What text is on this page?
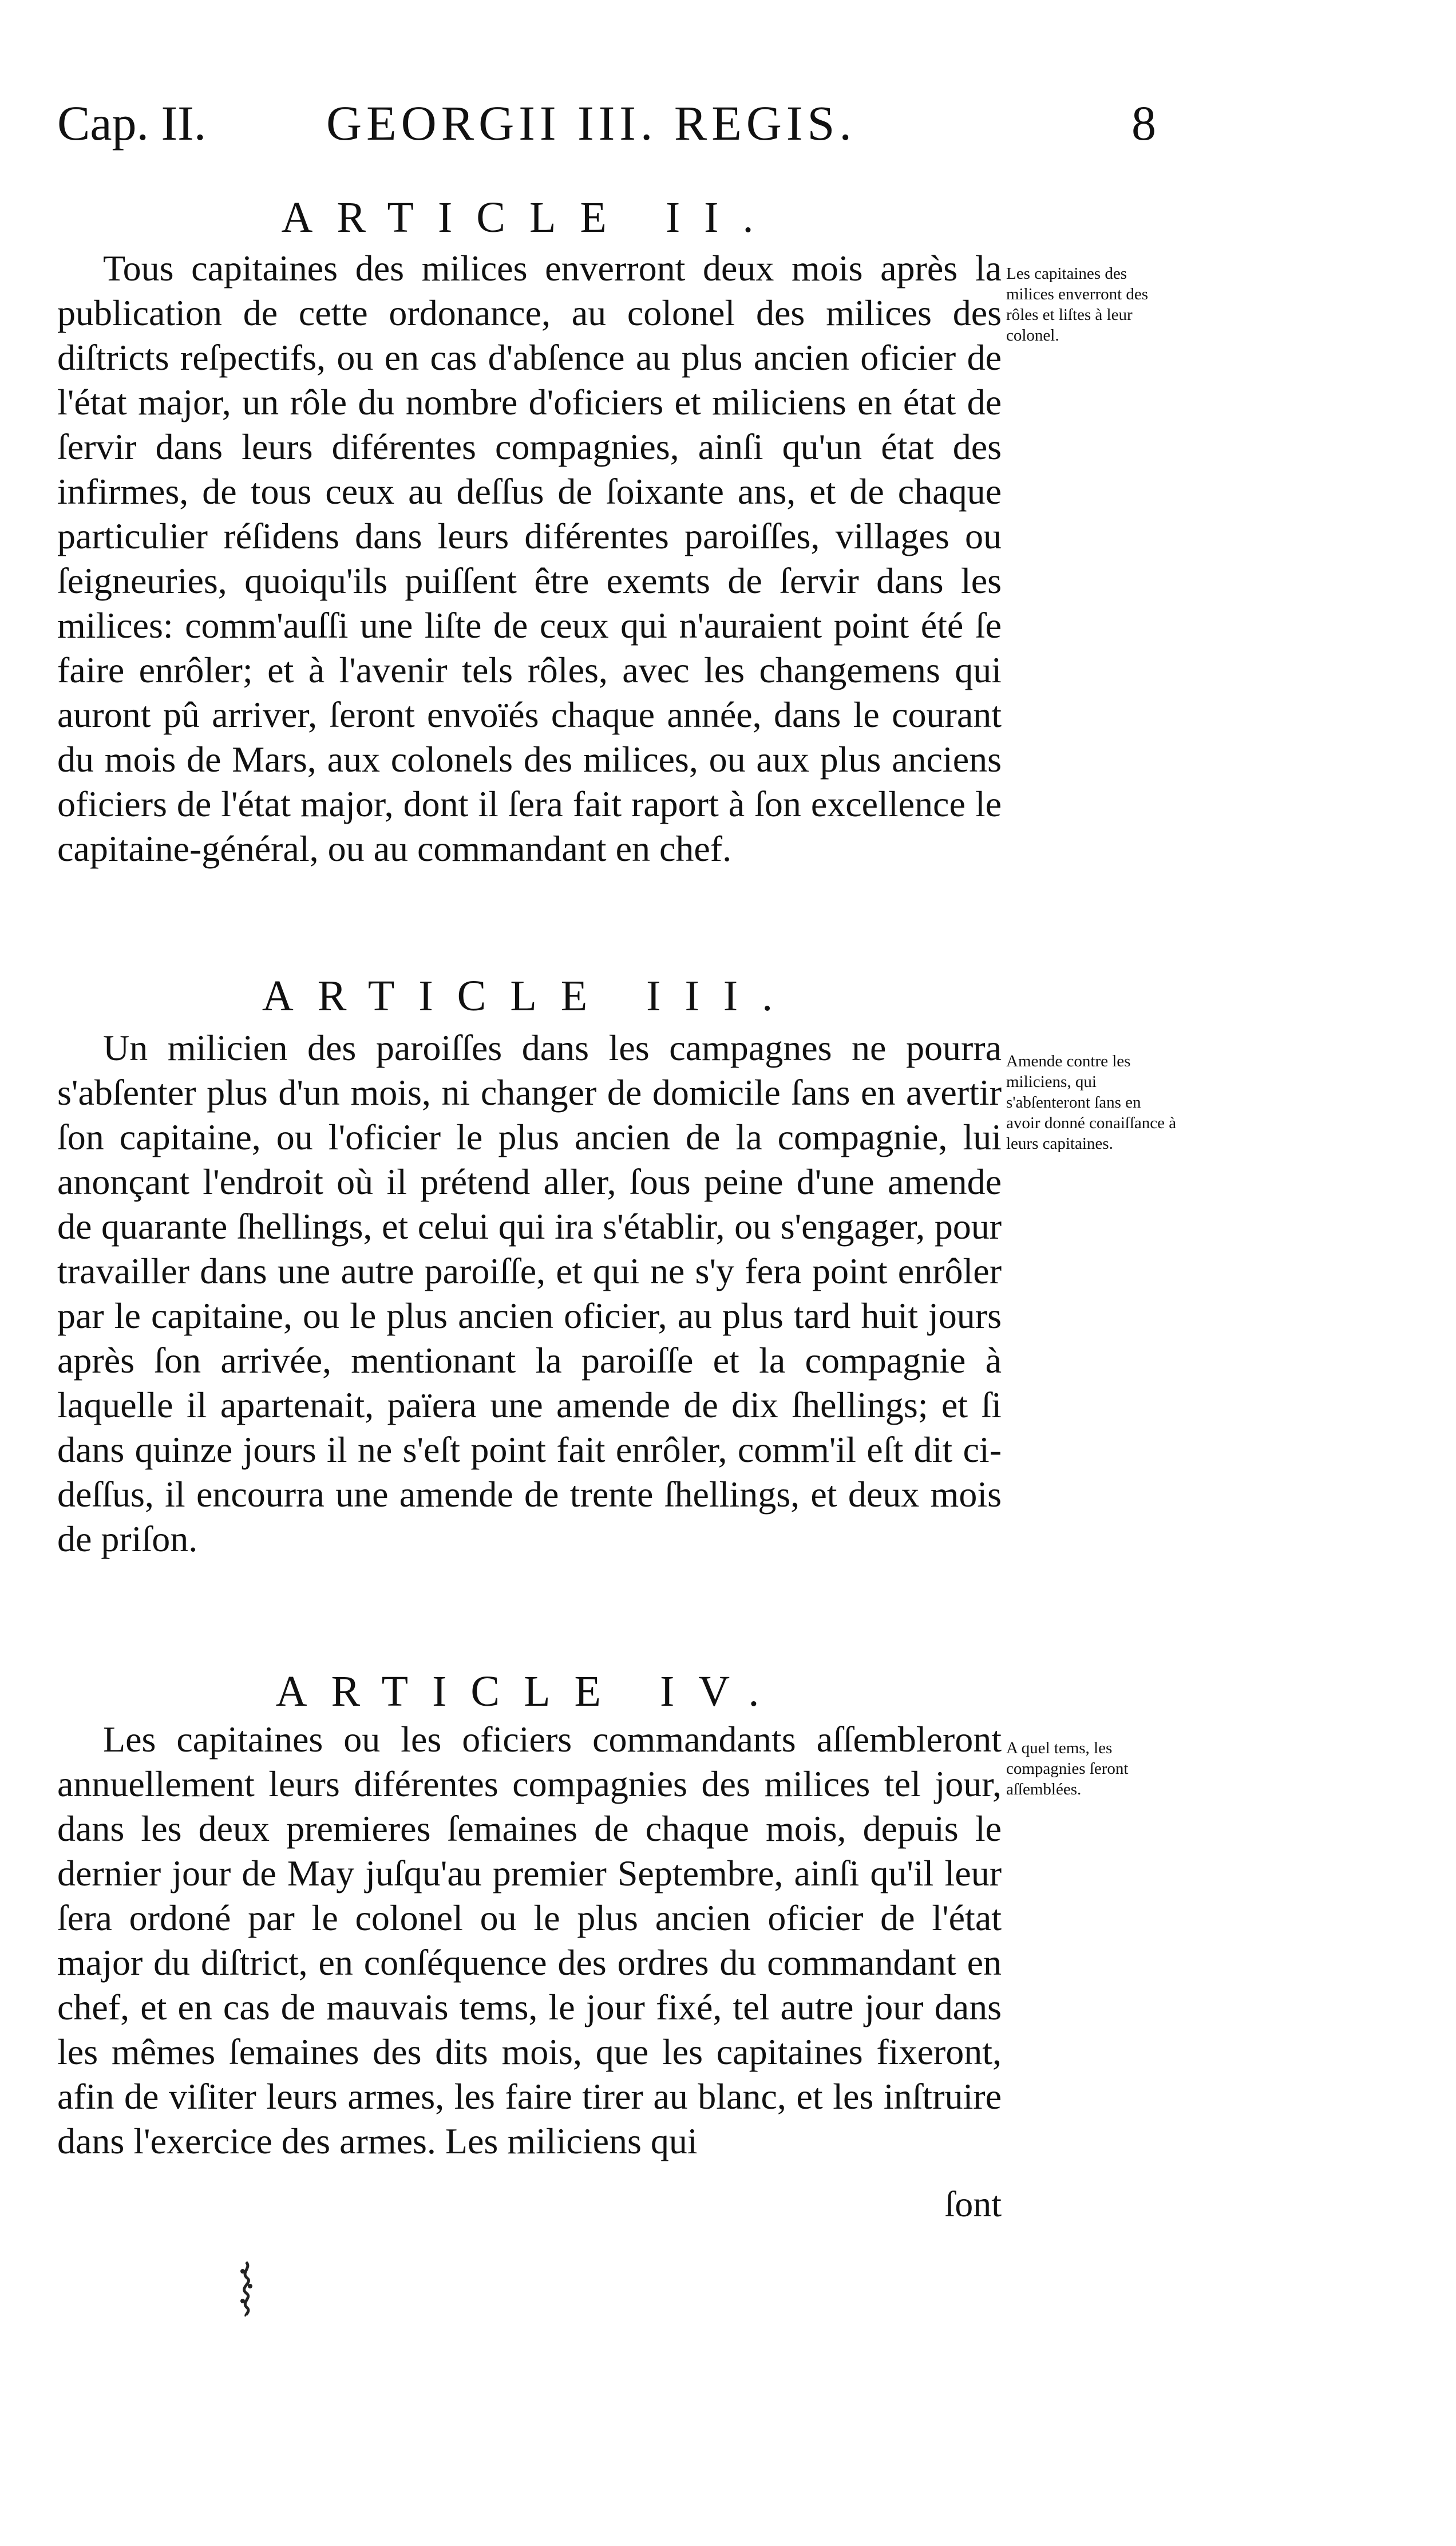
Cap. II. GEORGII III. REGIS.	8
ARTICLE II.

Tous capitaines des milices enverront deux mois après la publication de cette ordonance, au colonel des milices des diſtricts reſpectifs, ou en cas d'abſence au plus ancien oficier de l'état major, un rôle du nombre d'oficiers et miliciens en état de ſervir dans leurs diférentes compagnies, ainſi qu'un état des infirmes, de tous ceux au deſſus de ſoixante ans, et de chaque particulier réſidens dans leurs diférentes paroiſſes, villages ou ſeigneuries, quoiqu'ils puiſſent être exemts de ſervir dans les milices: comm'auſſi une liſte de ceux qui n'auraient point été ſe faire enrôler; et à l'avenir tels rôles, avec les changemens qui auront pû arriver, ſeront envoïés chaque année, dans le courant du mois de Mars, aux colonels des milices, ou aux plus anciens oficiers de l'état major, dont il ſera fait raport à ſon excellence le capitaine-général, ou au commandant en chef.

Les capitaines des milices enverront des rôles et liſtes à leur colonel.
ARTICLE III.

Un milicien des paroiſſes dans les campagnes ne pourra s'abſenter plus d'un mois, ni changer de domicile ſans en avertir ſon capitaine, ou l'oficier le plus ancien de la compagnie, lui anonçant l'endroit où il prétend aller, ſous peine d'une amende de quarante ſhellings, et celui qui ira s'établir, ou s'engager, pour travailler dans une autre paroiſſe, et qui ne s'y fera point enrôler par le capitaine, ou le plus ancien oficier, au plus tard huit jours après ſon arrivée, mentionant la paroiſſe et la compagnie à laquelle il apartenait, païera une amende de dix ſhellings; et ſi dans quinze jours il ne s'eſt point fait enrôler, comm'il eſt dit ci-deſſus, il encourra une amende de trente ſhellings, et deux mois de priſon.

Amende contre les miliciens, qui s'abſenteront ſans en avoir donné conaiſſance à leurs capitaines.
ARTICLE IV.

Les capitaines ou les oficiers commandants aſſembleront annuellement leurs diférentes compagnies des milices tel jour, dans les deux premieres ſemaines de chaque mois, depuis le dernier jour de May juſqu'au premier Septembre, ainſi qu'il leur ſera ordoné par le colonel ou le plus ancien oficier de l'état major du diſtrict, en conſéquence des ordres du commandant en chef, et en cas de mauvais tems, le jour fixé, tel autre jour dans les mêmes ſemaines des dits mois, que les capitaines fixeront, afin de viſiter leurs armes, les faire tirer au blanc, et les inſtruire dans l'exercice des armes. Les miliciens qui

A quel tems, les compagnies ſeront aſſemblées.
ſont
